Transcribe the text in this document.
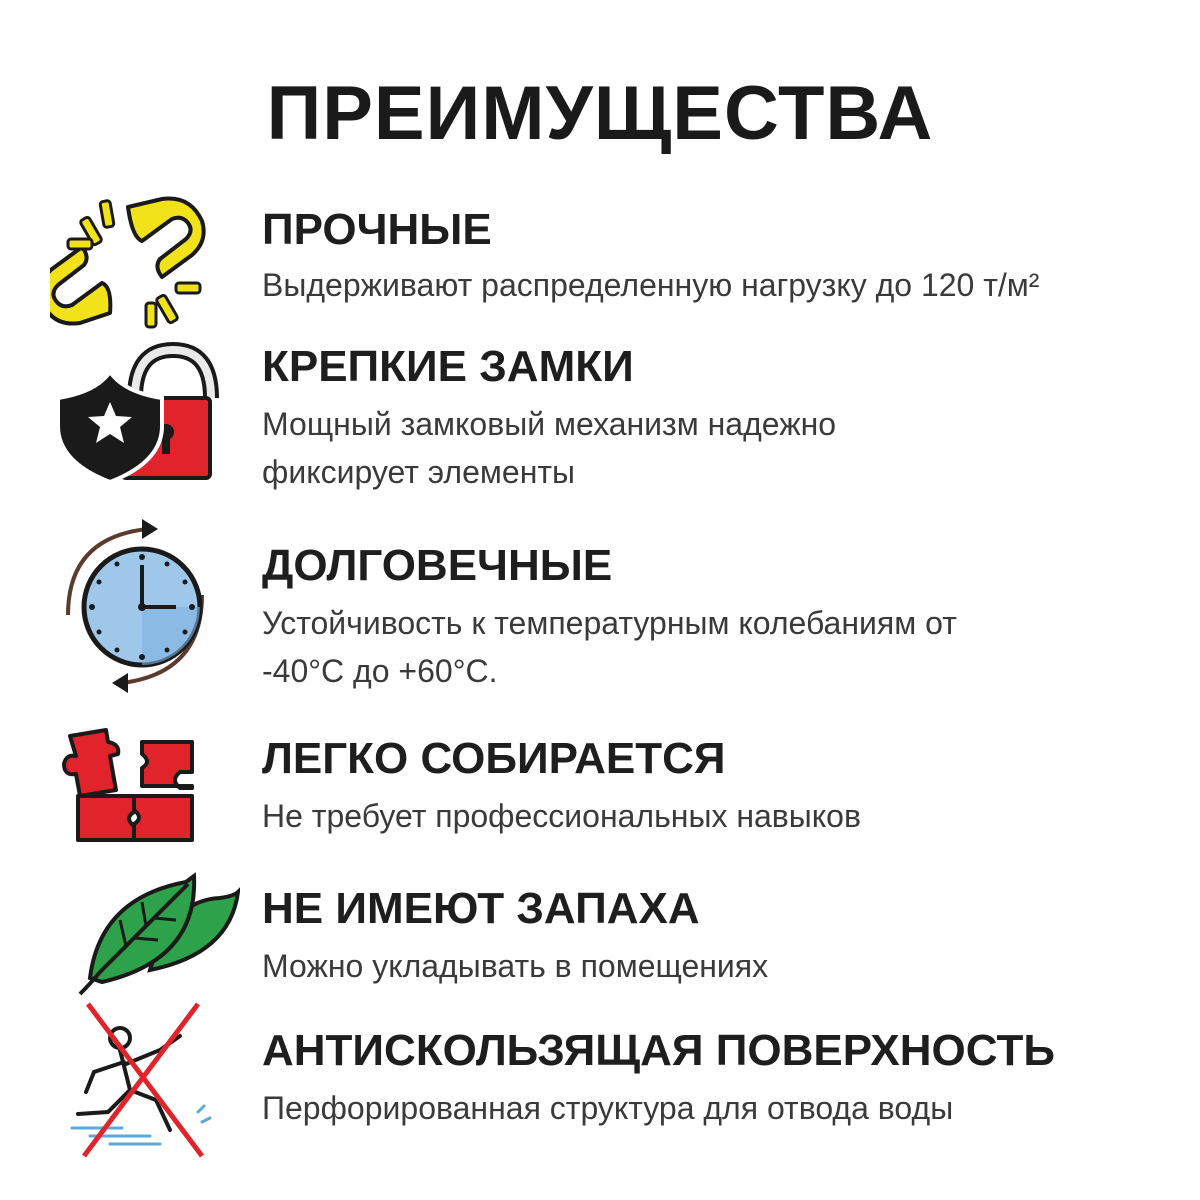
ПРЕИМУЩЕСТВА
ПРОЧНЫЕ
Выдерживают распределенную нагрузку до 120 т/м²
КРЕПКИЕ ЗАМКИ
Мощный замковый механизм надежно
фиксирует элементы
ДОЛГОВЕЧНЫЕ
Устойчивость к температурным колебаниям от
-40°С до +60°С.
ЛЕГКО СОБИРАЕТСЯ
Не требует профессиональных навыков
НЕ ИМЕЮТ ЗАПАХА
Можно укладывать в помещениях
АНТИСКОЛЬЗЯЩАЯ ПОВЕРХНОСТЬ
Перфорированная структура для отвода воды
